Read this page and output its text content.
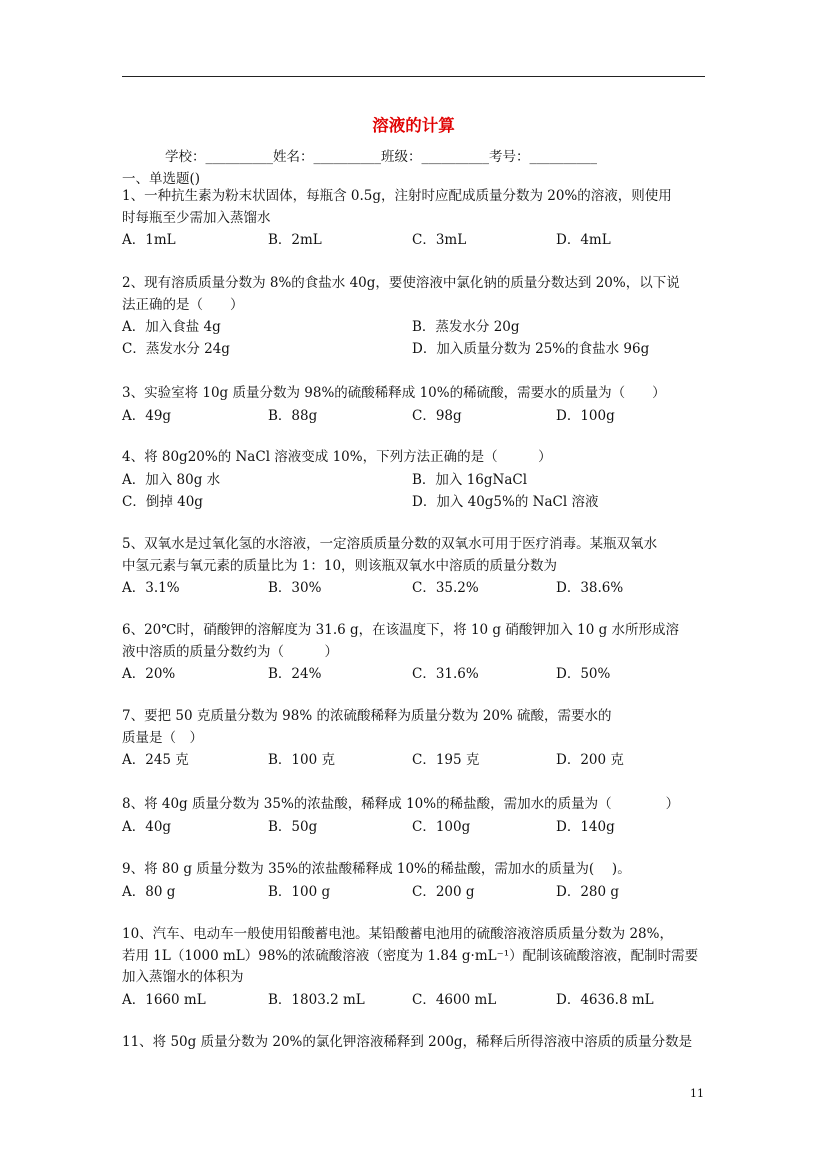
溶液的计算
学校：__________姓名：__________班级：__________考号：__________
一、单选题()
1、一种抗生素为粉末状固体，每瓶含 0.5g，注射时应配成质量分数为 20%的溶液，则使用
时每瓶至少需加入蒸馏水
A．1mL	B．2mL	C．3mL	D．4mL
2、现有溶质质量分数为 8%的食盐水 40g，要使溶液中氯化钠的质量分数达到 20%，以下说
法正确的是（　　）
A．加入食盐 4g	B．蒸发水分 20g
C．蒸发水分 24g	D．加入质量分数为 25%的食盐水 96g
3、实验室将 10g 质量分数为 98%的硫酸稀释成 10%的稀硫酸，需要水的质量为（　　）
A．49g	B．88g	C．98g	D．100g
4、将 80g20%的 NaCl 溶液变成 10%，下列方法正确的是（　　　）
A．加入 80g 水	B．加入 16gNaCl
C．倒掉 40g	D．加入 40g5%的 NaCl 溶液
5、双氧水是过氧化氢的水溶液，一定溶质质量分数的双氧水可用于医疗消毒。某瓶双氧水
中氢元素与氧元素的质量比为 1：10，则该瓶双氧水中溶质的质量分数为
A．3.1%	B．30%	C．35.2%	D．38.6%
6、20℃时，硝酸钾的溶解度为 31.6 g，在该温度下，将 10 g 硝酸钾加入 10 g 水所形成溶
液中溶质的质量分数约为（　　　）
A．20%	B．24%	C．31.6%	D．50%
7、要把 50 克质量分数为 98% 的浓硫酸稀释为质量分数为 20% 硫酸，需要水的
质量是（　）
A．245 克	B．100 克	C．195 克	D．200 克
8、将 40g 质量分数为 35%的浓盐酸，稀释成 10%的稀盐酸，需加水的质量为（　　　　）
A．40g	B．50g	C．100g	D．140g
9、将 80 g 质量分数为 35%的浓盐酸稀释成 10%的稀盐酸，需加水的质量为(　 )。
A．80 g	B．100 g	C．200 g	D．280 g
10、汽车、电动车一般使用铅酸蓄电池。某铅酸蓄电池用的硫酸溶液溶质质量分数为 28%，
若用 1L（1000 mL）98%的浓硫酸溶液（密度为 1.84 g·mL⁻¹）配制该硫酸溶液，配制时需要
加入蒸馏水的体积为
A．1660 mL	B．1803.2 mL	C．4600 mL	D．4636.8 mL
11、将 50g 质量分数为 20%的氯化钾溶液稀释到 200g，稀释后所得溶液中溶质的质量分数是
11
